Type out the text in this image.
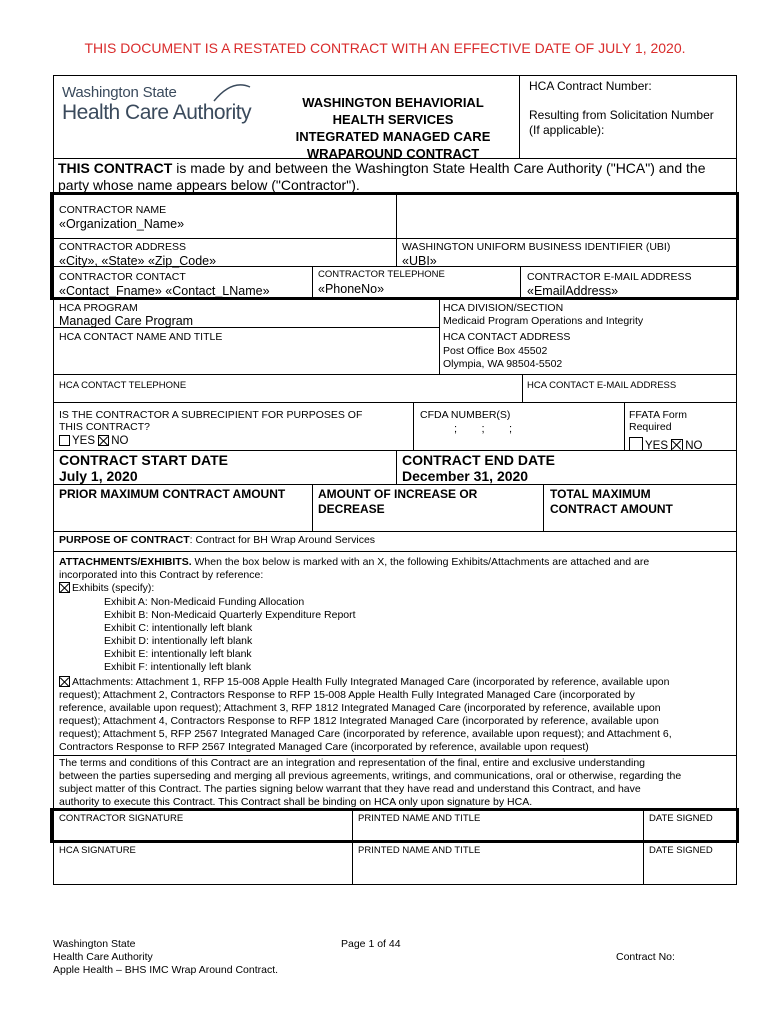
THIS DOCUMENT IS A RESTATED CONTRACT WITH AN EFFECTIVE DATE OF JULY 1, 2020.
Washington State
Health Care Authority	WASHINGTON BEHAVIORIAL
HEALTH SERVICES
INTEGRATED MANAGED CARE
WRAPAROUND CONTRACT
HCA Contract Number:
Resulting from Solicitation Number
(If applicable):
THIS CONTRACT is made by and between the Washington State Health Care Authority ("HCA") and the
party whose name appears below ("Contractor").
CONTRACTOR NAME
«Organization_Name»
CONTRACTOR ADDRESS
«City», «State» «Zip_Code»
WASHINGTON UNIFORM BUSINESS IDENTIFIER (UBI)
«UBI»
CONTRACTOR CONTACT
«Contact_Fname» «Contact_LName»
CONTRACTOR TELEPHONE
«PhoneNo»
CONTRACTOR E-MAIL ADDRESS
«EmailAddress»
HCA PROGRAM
Managed Care Program
HCA DIVISION/SECTION
Medicaid Program Operations and Integrity
HCA CONTACT NAME AND TITLE	HCA CONTACT ADDRESS
Post Office Box 45502
Olympia, WA 98504-5502
HCA CONTACT TELEPHONE	HCA CONTACT E-MAIL ADDRESS
IS THE CONTRACTOR A SUBRECIPIENT FOR PURPOSES OF
THIS CONTRACT?
YES NO
CFDA NUMBER(S)
;        ;        ;
FFATA Form
Required
YES NO
CONTRACT START DATE
July 1, 2020
CONTRACT END DATE
December 31, 2020
PRIOR MAXIMUM CONTRACT AMOUNT	AMOUNT OF INCREASE OR
DECREASE
TOTAL MAXIMUM
CONTRACT AMOUNT
PURPOSE OF CONTRACT: Contract for BH Wrap Around Services
ATTACHMENTS/EXHIBITS. When the box below is marked with an X, the following Exhibits/Attachments are attached and are
incorporated into this Contract by reference:
Exhibits (specify):
Exhibit A: Non-Medicaid Funding Allocation
Exhibit B: Non-Medicaid Quarterly Expenditure Report
Exhibit C: intentionally left blank
Exhibit D: intentionally left blank
Exhibit E: intentionally left blank
Exhibit F: intentionally left blank
Attachments: Attachment 1, RFP 15-008 Apple Health Fully Integrated Managed Care (incorporated by reference, available upon
request); Attachment 2, Contractors Response to RFP 15-008 Apple Health Fully Integrated Managed Care (incorporated by
reference, available upon request); Attachment 3, RFP 1812 Integrated Managed Care (incorporated by reference, available upon
request); Attachment 4, Contractors Response to RFP 1812 Integrated Managed Care (incorporated by reference, available upon
request); Attachment 5, RFP 2567 Integrated Managed Care (incorporated by reference, available upon request); and Attachment 6,
Contractors Response to RFP 2567 Integrated Managed Care (incorporated by reference, available upon request)
The terms and conditions of this Contract are an integration and representation of the final, entire and exclusive understanding
between the parties superseding and merging all previous agreements, writings, and communications, oral or otherwise, regarding the
subject matter of this Contract. The parties signing below warrant that they have read and understand this Contract, and have
authority to execute this Contract. This Contract shall be binding on HCA only upon signature by HCA.
CONTRACTOR SIGNATURE	PRINTED NAME AND TITLE	DATE SIGNED
HCA SIGNATURE	PRINTED NAME AND TITLE	DATE SIGNED
Washington State
Health Care Authority
Apple Health – BHS IMC Wrap Around Contract.
Page 1 of 44
Contract No:
